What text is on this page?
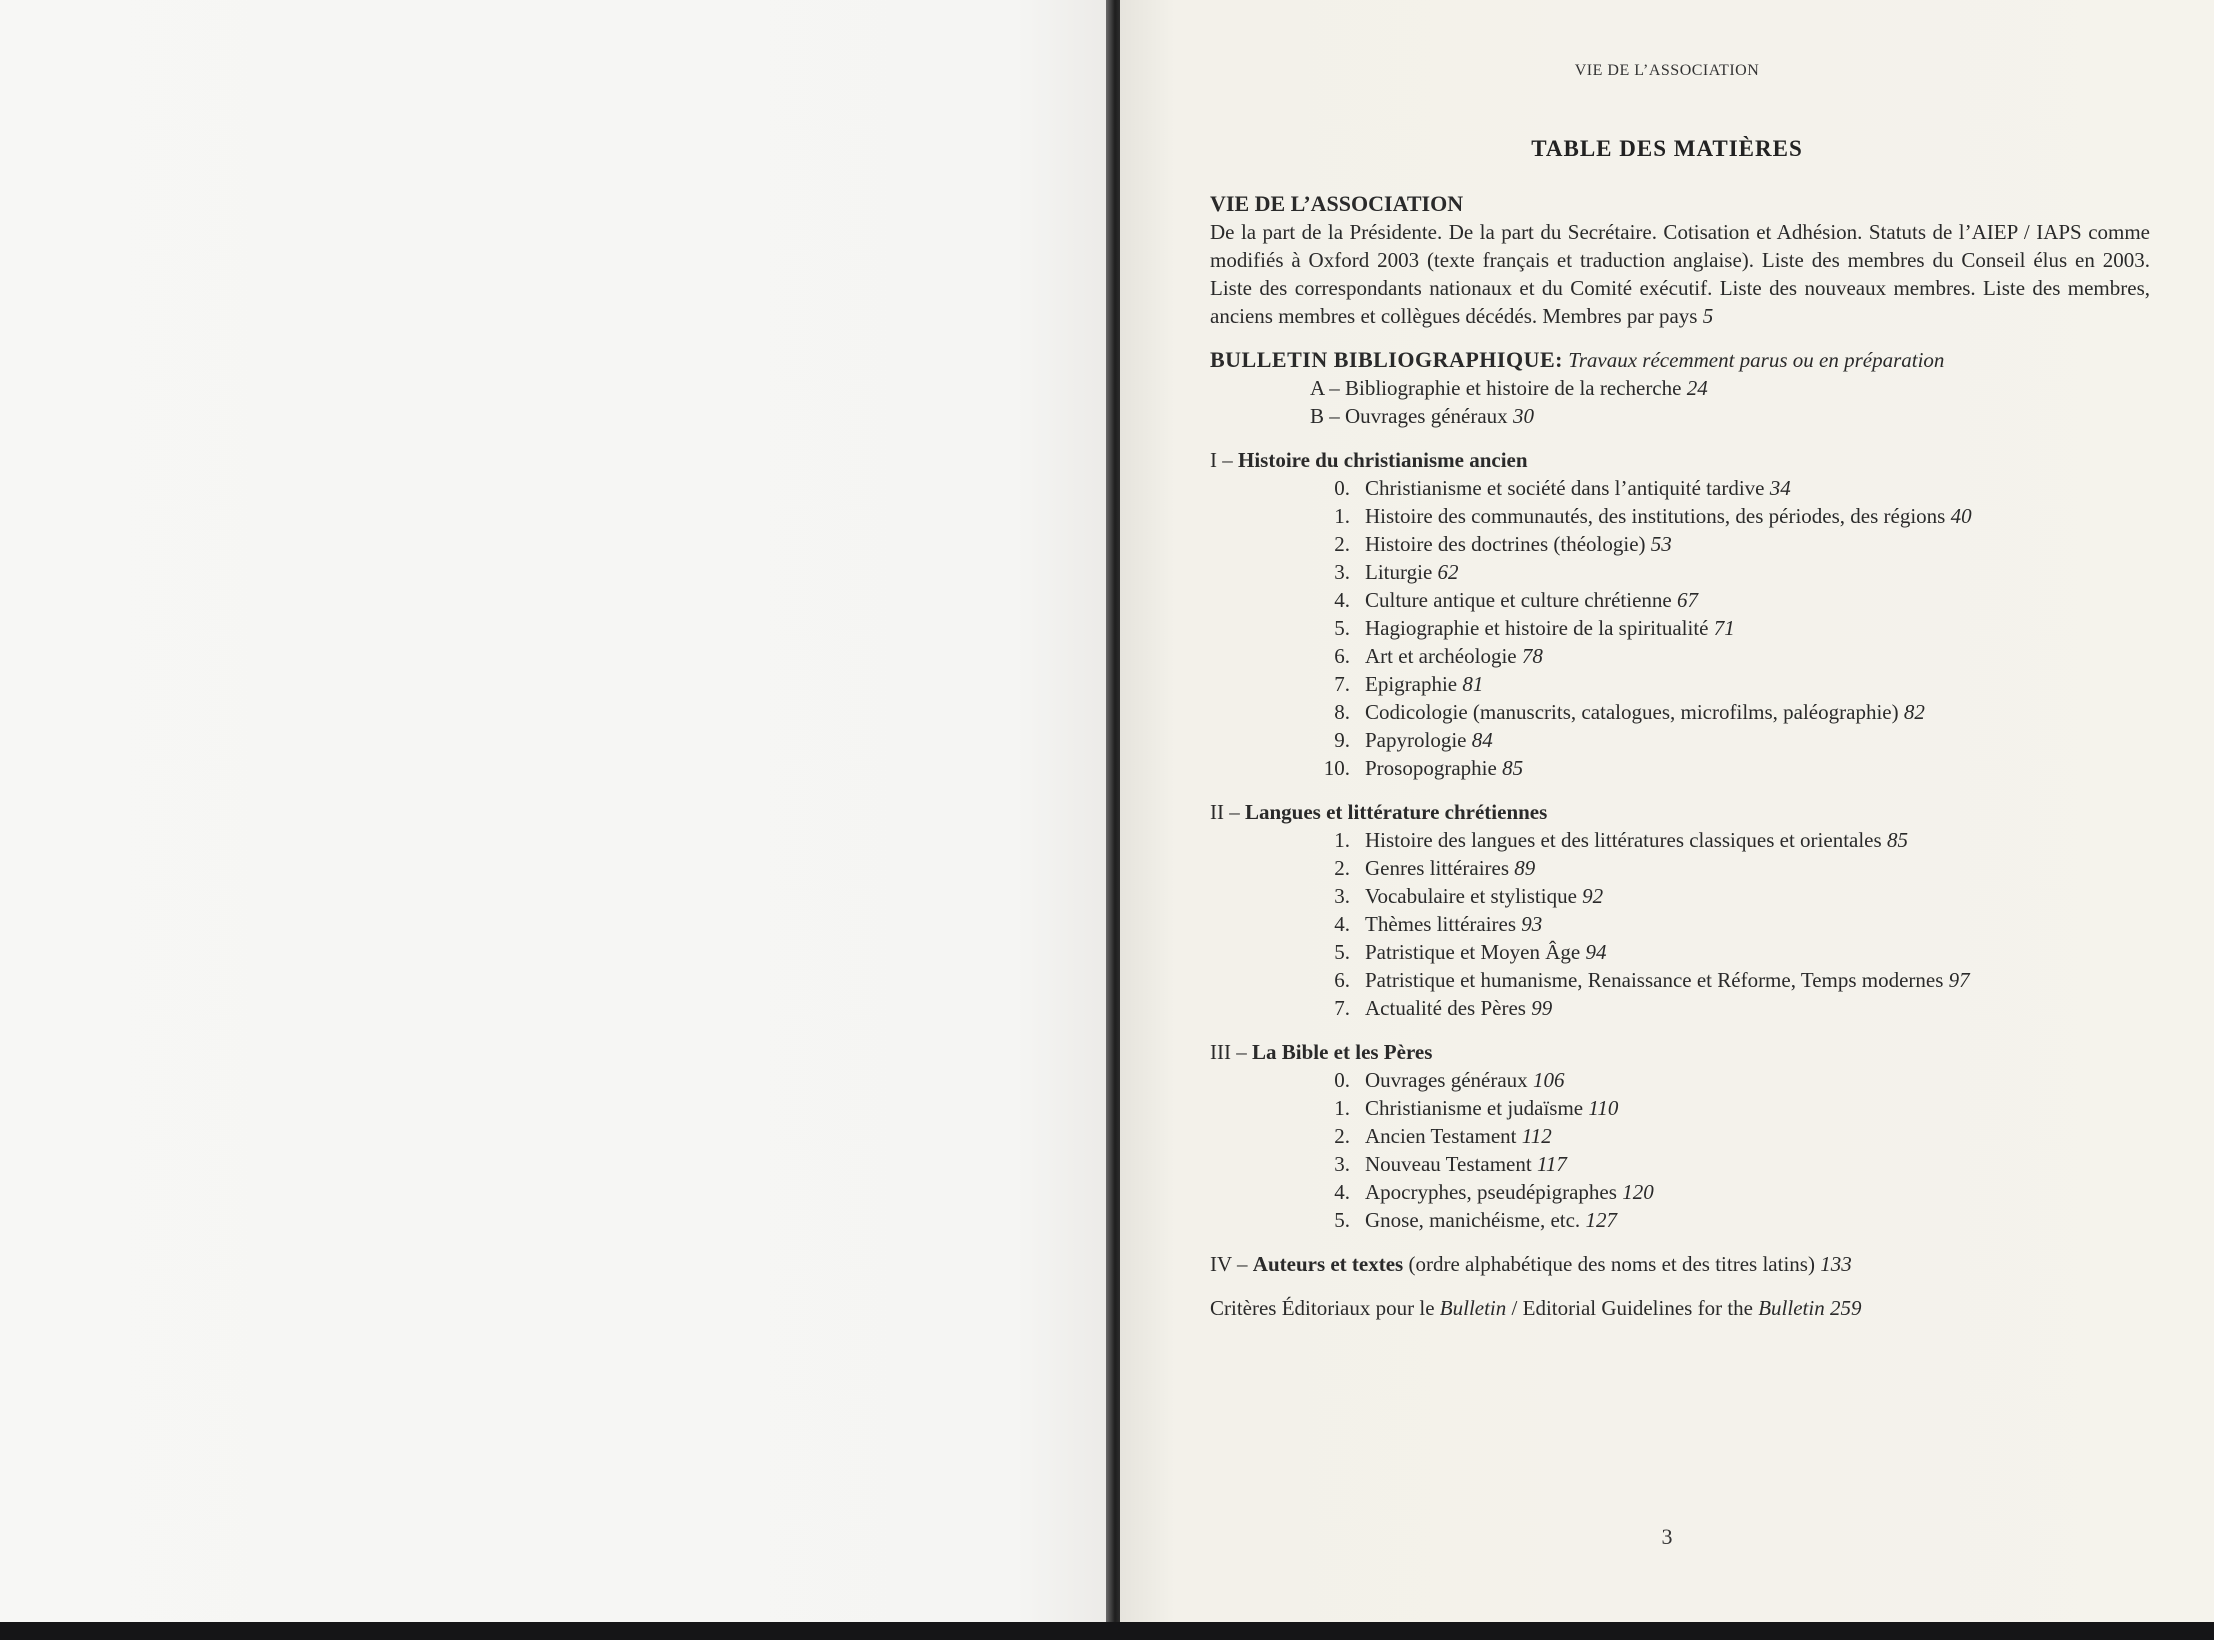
VIE DE L’ASSOCIATION
TABLE DES MATIÈRES
VIE DE L’ASSOCIATION
De la part de la Présidente. De la part du Secrétaire. Cotisation et Adhésion. Statuts de l’AIEP / IAPS comme modifiés à Oxford 2003 (texte français et traduction anglaise). Liste des membres du Conseil élus en 2003. Liste des correspondants nationaux et du Comité exécutif. Liste des nouveaux membres. Liste des membres, anciens membres et collègues décédés. Membres par pays 5
BULLETIN BIBLIOGRAPHIQUE: Travaux récemment parus ou en préparation
A – Bibliographie et histoire de la recherche 24
B – Ouvrages généraux 30
I – Histoire du christianisme ancien
0. Christianisme et société dans l’antiquité tardive 34
1. Histoire des communautés, des institutions, des périodes, des régions 40
2. Histoire des doctrines (théologie) 53
3. Liturgie 62
4. Culture antique et culture chrétienne 67
5. Hagiographie et histoire de la spiritualité 71
6. Art et archéologie 78
7. Epigraphie 81
8. Codicologie (manuscrits, catalogues, microfilms, paléographie) 82
9. Papyrologie 84
10. Prosopographie 85
II – Langues et littérature chrétiennes
1. Histoire des langues et des littératures classiques et orientales 85
2. Genres littéraires 89
3. Vocabulaire et stylistique 92
4. Thèmes littéraires 93
5. Patristique et Moyen Âge 94
6. Patristique et humanisme, Renaissance et Réforme, Temps modernes 97
7. Actualité des Pères 99
III – La Bible et les Pères
0. Ouvrages généraux 106
1. Christianisme et judaïsme 110
2. Ancien Testament 112
3. Nouveau Testament 117
4. Apocryphes, pseudépigraphes 120
5. Gnose, manichéisme, etc. 127
IV – Auteurs et textes (ordre alphabétique des noms et des titres latins) 133
Critères Éditoriaux pour le Bulletin / Editorial Guidelines for the Bulletin 259
3
